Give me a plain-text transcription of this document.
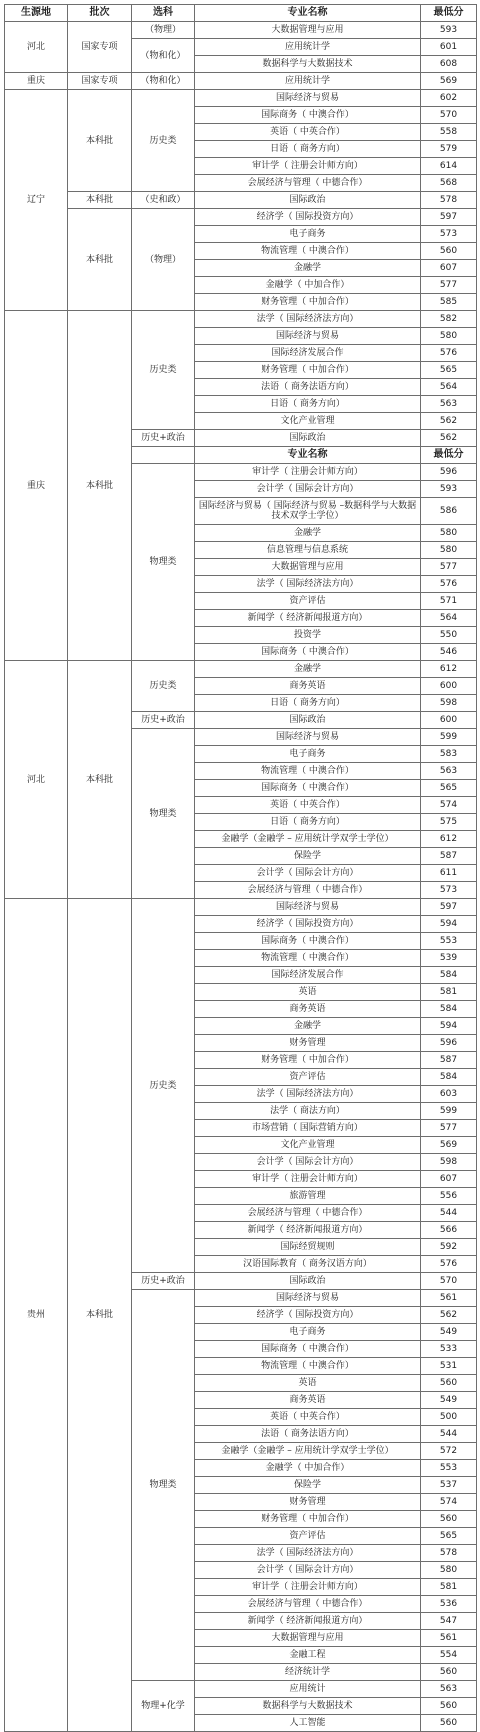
生源地	批次	选科	专业名称	最低分
河北	国家专项	（物理）	大数据管理与应用	593
		（物和化）	应用统计学	601
			数据科学与大数据技术	608
重庆	国家专项	（物和化）	应用统计学	569
辽宁	本科批	历史类	国际经济与贸易	602
			国际商务（ 中澳合作）	570
			英语（ 中英合作）	558
			日语（ 商务方向）	579
			审计学（ 注册会计师方向）	614
			会展经济与管理（ 中德合作）	568
	本科批	（史和政）	国际政治	578
	本科批	（物理）	经济学（ 国际投资方向）	597
			电子商务	573
			物流管理（ 中澳合作）	560
			金融学	607
			金融学（ 中加合作）	577
			财务管理（ 中加合作）	585
重庆	本科批	历史类	法学（ 国际经济法方向）	582
			国际经济与贸易	580
			国际经济发展合作	576
			财务管理（ 中加合作）	565
			法语（ 商务法语方向）	564
			日语（ 商务方向）	563
			文化产业管理	562
		历史+政治	国际政治	562
			专业名称	最低分
		物理类	审计学（ 注册会计师方向）	596
			会计学（ 国际会计方向）	593
			国际经济与贸易（ 国际经济与贸易 –数据科学与大数据技术双学士学位）	586
			金融学	580
			信息管理与信息系统	580
			大数据管理与应用	577
			法学（ 国际经济法方向）	576
			资产评估	571
			新闻学（ 经济新闻报道方向）	564
			投资学	550
			国际商务（ 中澳合作）	546
河北	本科批	历史类	金融学	612
			商务英语	600
			日语（ 商务方向）	598
		历史+政治	国际政治	600
		物理类	国际经济与贸易	599
			电子商务	583
			物流管理（ 中澳合作）	563
			国际商务（ 中澳合作）	565
			英语（ 中英合作）	574
			日语（ 商务方向）	575
			金融学（金融学 – 应用统计学双学士学位）	612
			保险学	587
			会计学（ 国际会计方向）	611
			会展经济与管理（ 中德合作）	573
贵州	本科批	历史类	国际经济与贸易	597
			经济学（ 国际投资方向）	594
			国际商务（ 中澳合作）	553
			物流管理（ 中澳合作）	539
			国际经济发展合作	584
			英语	581
			商务英语	584
			金融学	594
			财务管理	596
			财务管理（ 中加合作）	587
			资产评估	584
			法学（ 国际经济法方向）	603
			法学（ 商法方向）	599
			市场营销（ 国际营销方向）	577
			文化产业管理	569
			会计学（ 国际会计方向）	598
			审计学（ 注册会计师方向）	607
			旅游管理	556
			会展经济与管理（ 中德合作）	544
			新闻学（ 经济新闻报道方向）	566
			国际经贸规则	592
			汉语国际教育（ 商务汉语方向）	576
		历史+政治	国际政治	570
		物理类	国际经济与贸易	561
			经济学（ 国际投资方向）	562
			电子商务	549
			国际商务（ 中澳合作）	533
			物流管理（ 中澳合作）	531
			英语	560
			商务英语	549
			英语（ 中英合作）	500
			法语（ 商务法语方向）	544
			金融学（金融学 – 应用统计学双学士学位）	572
			金融学（ 中加合作）	553
			保险学	537
			财务管理	574
			财务管理（ 中加合作）	560
			资产评估	565
			法学（ 国际经济法方向）	578
			会计学（ 国际会计方向）	580
			审计学（ 注册会计师方向）	581
			会展经济与管理（ 中德合作）	536
			新闻学（ 经济新闻报道方向）	547
			大数据管理与应用	561
			金融工程	554
			经济统计学	560
		物理+化学	应用统计	563
			数据科学与大数据技术	560
			人工智能	560
